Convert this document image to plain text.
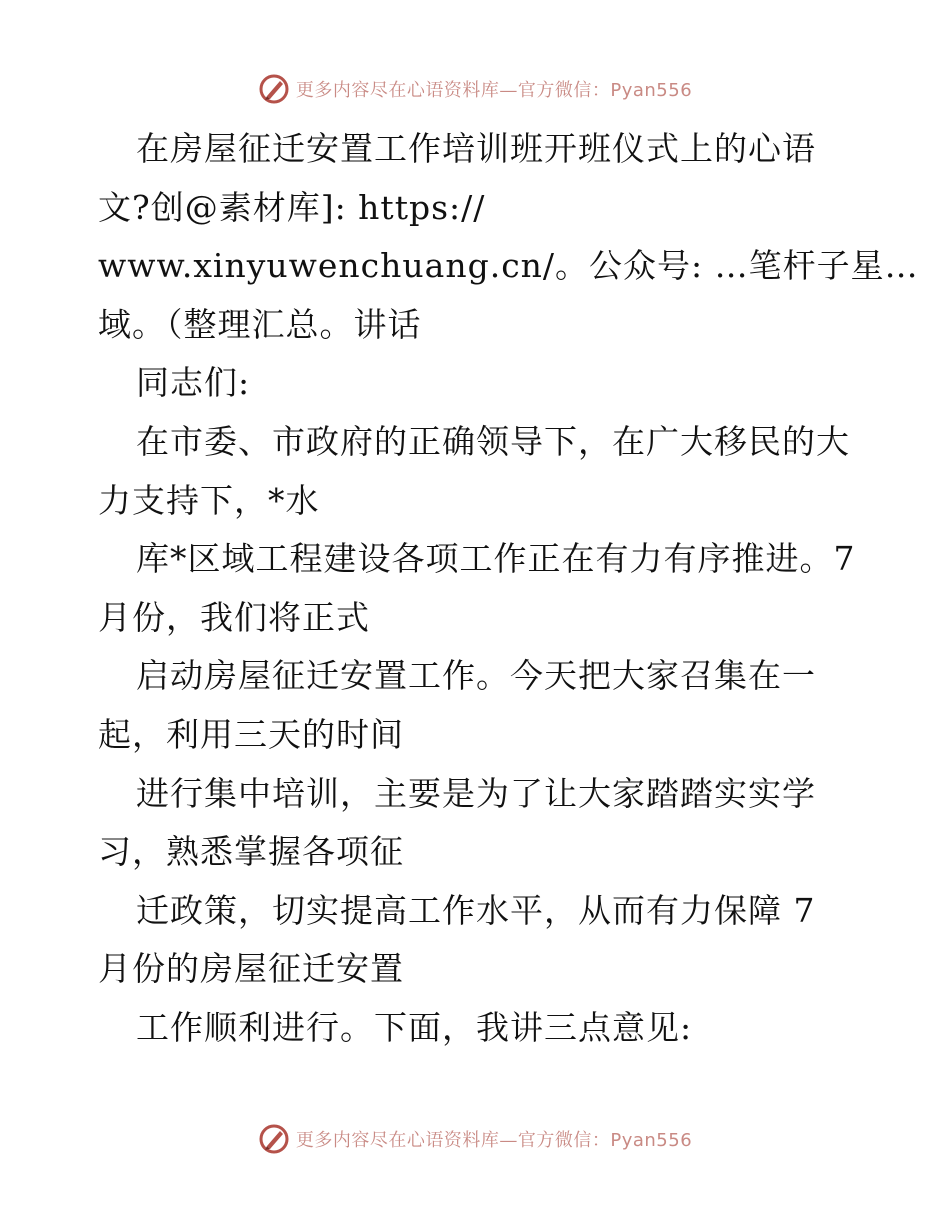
更多内容尽在心语资料库—官方微信：Pyan556
在房屋征迁安置工作培训班开班仪式上的心语
文?创@素材库]: https://
www.xinyuwenchuang.cn/。公众号: …笔杆子星…
域。（整理汇总。讲话
同志们:
在市委、市政府的正确领导下，在广大移民的大
力支持下，*水
库*区域工程建设各项工作正在有力有序推进。7
月份，我们将正式
启动房屋征迁安置工作。今天把大家召集在一
起，利用三天的时间
进行集中培训，主要是为了让大家踏踏实实学
习，熟悉掌握各项征
迁政策，切实提高工作水平，从而有力保障 7
月份的房屋征迁安置
工作顺利进行。下面，我讲三点意见:
更多内容尽在心语资料库—官方微信：Pyan556
